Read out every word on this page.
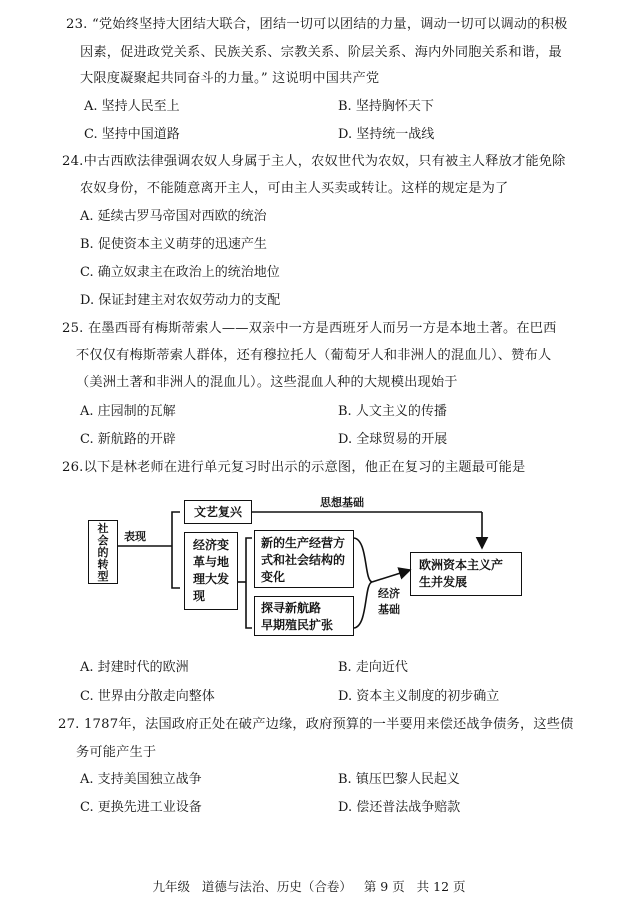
23. “党始终坚持大团结大联合，团结一切可以团结的力量，调动一切可以调动的积极
因素，促进政党关系、民族关系、宗教关系、阶层关系、海内外同胞关系和谐，最
大限度凝聚起共同奋斗的力量。” 这说明中国共产党
A. 坚持人民至上	B. 坚持胸怀天下
C. 坚持中国道路	D. 坚持统一战线
24.中古西欧法律强调农奴人身属于主人，农奴世代为农奴，只有被主人释放才能免除
农奴身份，不能随意离开主人，可由主人买卖或转让。这样的规定是为了
A. 延续古罗马帝国对西欧的统治
B. 促使资本主义萌芽的迅速产生
C. 确立奴隶主在政治上的统治地位
D. 保证封建主对农奴劳动力的支配
25. 在墨西哥有梅斯蒂索人——双亲中一方是西班牙人而另一方是本地土著。在巴西
不仅仅有梅斯蒂索人群体，还有穆拉托人（葡萄牙人和非洲人的混血儿）、赞布人
（美洲土著和非洲人的混血儿）。这些混血人种的大规模出现始于
A. 庄园制的瓦解	B. 人文主义的传播
C. 新航路的开辟	D. 全球贸易的开展
26.以下是林老师在进行单元复习时出示的示意图，他正在复习的主题最可能是
社
会
的
转
型
表现
文艺复兴
思想基础
经济变
革与地
理大发
现
新的生产经营方
式和社会结构的
变化
探寻新航路
早期殖民扩张
经济
基础
欧洲资本主义产
生并发展
A. 封建时代的欧洲	B. 走向近代
C. 世界由分散走向整体	D. 资本主义制度的初步确立
27. 1787年，法国政府正处在破产边缘，政府预算的一半要用来偿还战争债务，这些债
务可能产生于
A. 支持美国独立战争	B. 镇压巴黎人民起义
C. 更换先进工业设备	D. 偿还普法战争赔款
九年级   道德与法治、历史（合卷）   第 9 页   共 12 页
